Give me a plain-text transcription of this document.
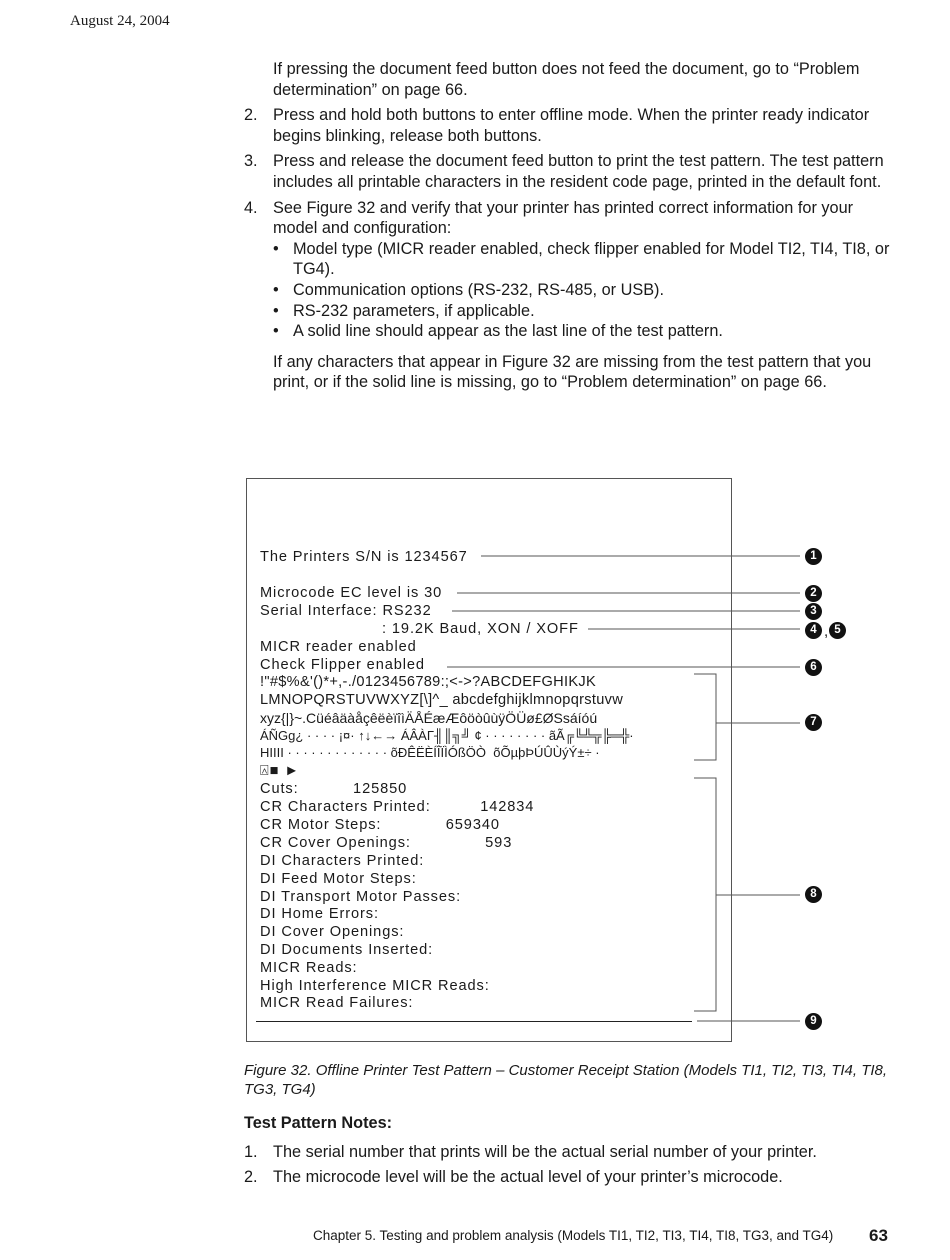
August 24, 2004

If pressing the document feed button does not feed the document, go to “Problem determination” on page 66.

2. Press and hold both buttons to enter offline mode. When the printer ready indicator begins blinking, release both buttons.
3. Press and release the document feed button to print the test pattern. The test pattern includes all printable characters in the resident code page, printed in the default font.
4. See Figure 32 and verify that your printer has printed correct information for your model and configuration:
• Model type (MICR reader enabled, check flipper enabled for Model TI2, TI4, TI8, or TG4).
• Communication options (RS-232, RS-485, or USB).
• RS-232 parameters, if applicable.
• A solid line should appear as the last line of the test pattern.

If any characters that appear in Figure 32 are missing from the test pattern that you print, or if the solid line is missing, go to “Problem determination” on page 66.

The Printers S/N is 1234567
Microcode EC level is 30
Serial Interface: RS232
: 19.2K Baud, XON / XOFF
MICR reader enabled
Check Flipper enabled
!"#$%&'()*+,-./0123456789:;<->?ABCDEFGHIKJK
LMNOPQRSTUVWXYZ[\]^_ abcdefghijklmnopqrstuvw
xyz{|}~.CüéâäàåçêëèïîìÄÅÉæÆôöòûùÿÖÜø£ØSsáíóú
ÁÑGg¿ · · · · ¡¤· ↑↓←→ ÁÂÀΓ╢║╗╝ ¢ · · · · · · · · ãÃ╔╚╩╦╠═╬·
HIIII · · · · · · · · · · · · · õÐÊËÈÍÎÏÌÓßÖÒ  õÕµþÞÚÛÙýÝ±÷ ·
⍓■ ►
Cuts:           125850
CR Characters Printed:          142834
CR Motor Steps:             659340
CR Cover Openings:               593
DI Characters Printed:
DI Feed Motor Steps:
DI Transport Motor Passes:
DI Home Errors:
DI Cover Openings:
DI Documents Inserted:
MICR Reads:
High Interference MICR Reads:
MICR Read Failures:
1
2
3
4 , 5
6
7
8
9
Figure 32. Offline Printer Test Pattern – Customer Receipt Station (Models TI1, TI2, TI3, TI4, TI8, TG3, TG4)
Test Pattern Notes:
1. The serial number that prints will be the actual serial number of your printer.
2. The microcode level will be the actual level of your printer’s microcode.
Chapter 5. Testing and problem analysis (Models TI1, TI2, TI3, TI4, TI8, TG3, and TG4) 63
